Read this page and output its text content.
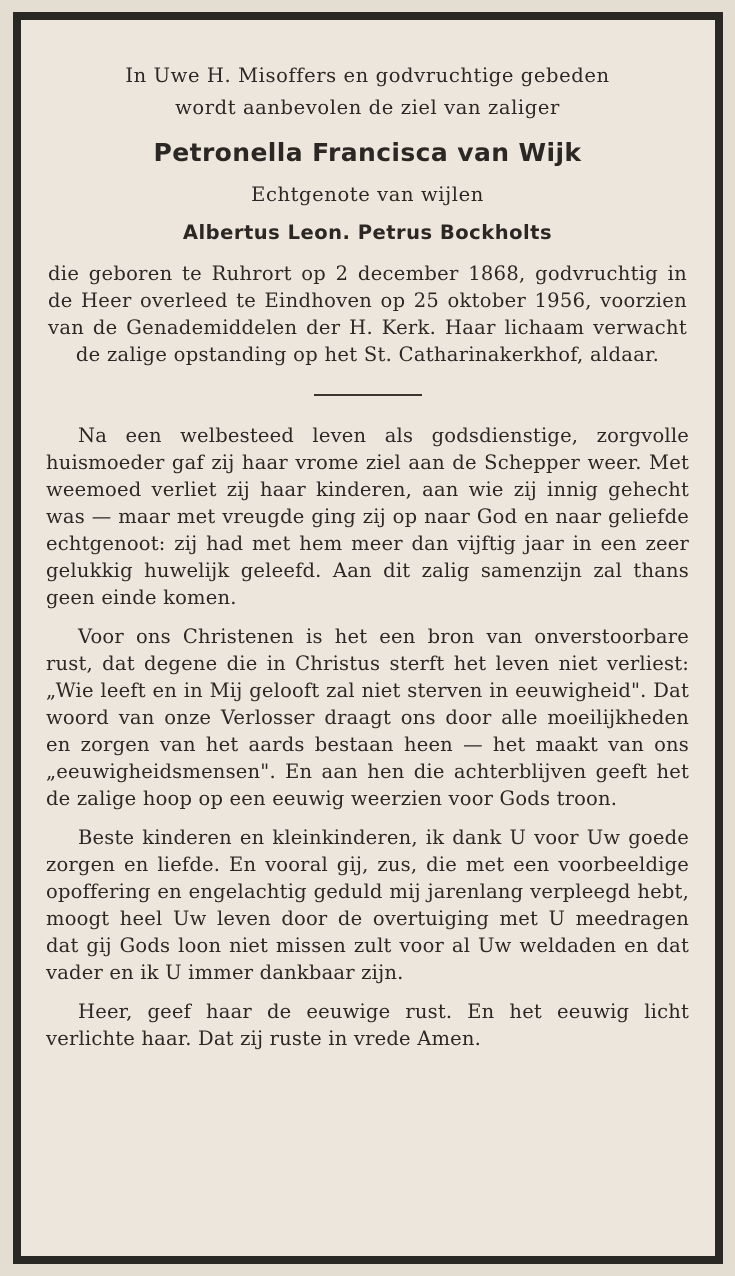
In Uwe H. Misoffers en godvruchtige gebeden

wordt aanbevolen de ziel van zaliger

Petronella Francisca van Wijk

Echtgenote van wijlen

Albertus Leon. Petrus Bockholts

die geboren te Ruhrort op 2 december 1868, godvruchtig in de Heer overleed te Eindhoven op 25 oktober 1956, voorzien van de Genademiddelen der H. Kerk. Haar lichaam verwacht de zalige opstanding op het St. Catharinakerkhof, aldaar.

Na een welbesteed leven als godsdienstige, zorgvolle huismoeder gaf zij haar vrome ziel aan de Schepper weer. Met weemoed verliet zij haar kinderen, aan wie zij innig gehecht was — maar met vreugde ging zij op naar God en naar geliefde echtgenoot: zij had met hem meer dan vijftig jaar in een zeer gelukkig huwelijk geleefd. Aan dit zalig samenzijn zal thans geen einde komen.

Voor ons Christenen is het een bron van onverstoorbare rust, dat degene die in Christus sterft het leven niet verliest: „Wie leeft en in Mij gelooft zal niet sterven in eeuwigheid". Dat woord van onze Verlosser draagt ons door alle moeilijkheden en zorgen van het aards bestaan heen — het maakt van ons „eeuwigheidsmensen". En aan hen die achterblijven geeft het de zalige hoop op een eeuwig weerzien voor Gods troon.

Beste kinderen en kleinkinderen, ik dank U voor Uw goede zorgen en liefde. En vooral gij, zus, die met een voorbeeldige opoffering en engelachtig geduld mij jarenlang verpleegd hebt, moogt heel Uw leven door de overtuiging met U meedragen dat gij Gods loon niet missen zult voor al Uw weldaden en dat vader en ik U immer dankbaar zijn.

Heer, geef haar de eeuwige rust. En het eeuwig licht verlichte haar. Dat zij ruste in vrede Amen.
